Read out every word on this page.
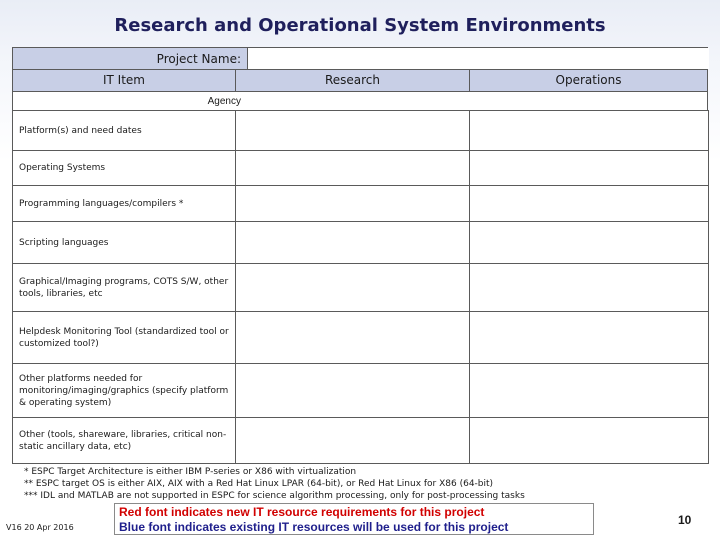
Research and Operational System Environments
Project Name:
IT Item	Research	Operations
Agency
Platform(s) and need dates		
Operating Systems		
Programming languages/compilers *		
Scripting languages		
Graphical/Imaging programs, COTS S/W, other tools, libraries, etc		
Helpdesk Monitoring Tool (standardized tool or customized tool?)		
Other platforms needed for monitoring/imaging/graphics (specify platform & operating system)		
Other (tools, shareware, libraries, critical non-static ancillary data, etc)		
* ESPC Target Architecture is either IBM P-series or X86 with virtualization
** ESPC target OS is either AIX, AIX with a Red Hat Linux LPAR (64-bit), or Red Hat Linux for X86 (64-bit)
*** IDL and MATLAB are not supported in ESPC for science algorithm processing, only for post-processing tasks
V16 20 Apr 2016
Red font indicates new IT resource requirements for this project
Blue font indicates existing IT resources will be used for this project	10
